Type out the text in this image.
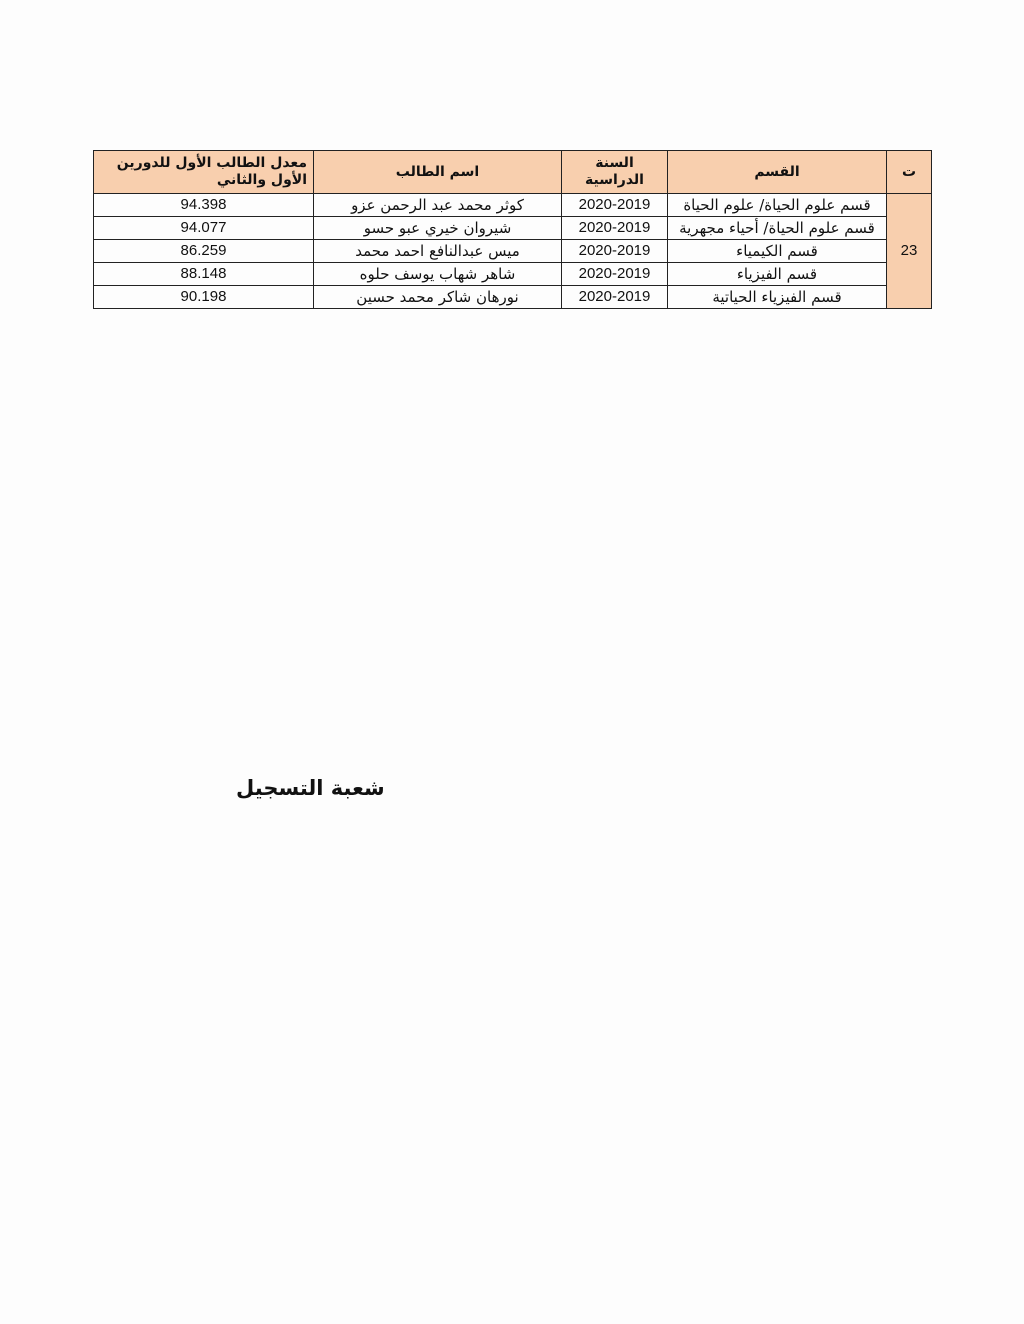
ت	القسم	السنة الدراسية	اسم الطالب	معدل الطالب الأول للدورين الأول والثاني
23	قسم علوم الحياة/ علوم الحياة	2020-2019	كوثر محمد عبد الرحمن عزو	94.398
	قسم علوم الحياة/ أحياء مجهرية	2020-2019	شيروان خيري عبو حسو	94.077
	قسم الكيمياء	2020-2019	ميس عبدالنافع احمد محمد	86.259
	قسم الفيزياء	2020-2019	شاهر شهاب يوسف حلوه	88.148
	قسم الفيزياء الحياتية	2020-2019	نورهان شاكر محمد حسين	90.198
شعبة التسجيل
